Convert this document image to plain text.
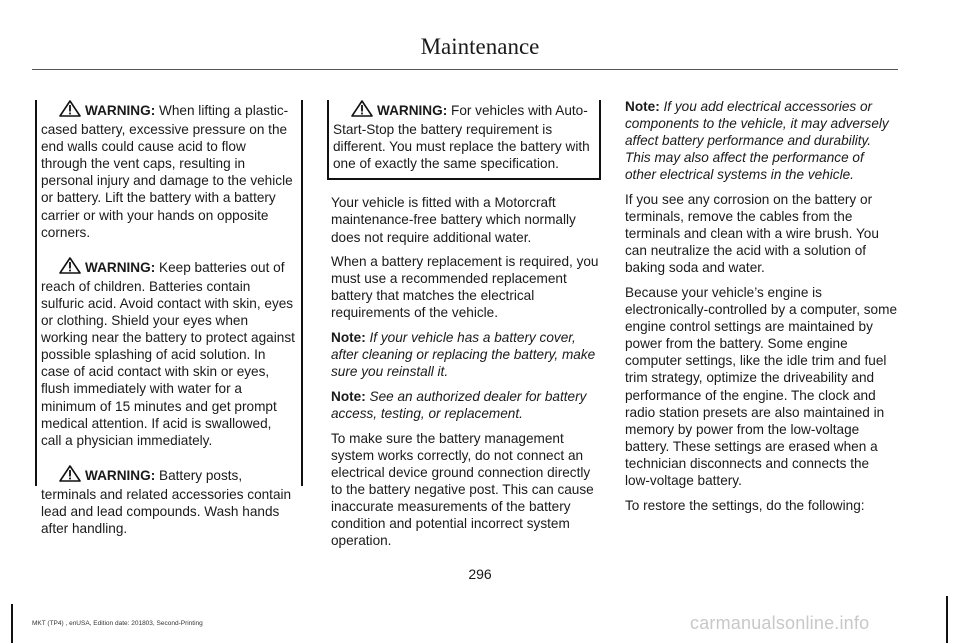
Maintenance
WARNING: When lifting a plastic-cased battery, excessive pressure on the end walls could cause acid to flow through the vent caps, resulting in personal injury and damage to the vehicle or battery. Lift the battery with a battery carrier or with your hands on opposite corners.
WARNING: Keep batteries out of reach of children. Batteries contain sulfuric acid. Avoid contact with skin, eyes or clothing. Shield your eyes when working near the battery to protect against possible splashing of acid solution. In case of acid contact with skin or eyes, flush immediately with water for a minimum of 15 minutes and get prompt medical attention. If acid is swallowed, call a physician immediately.
WARNING: Battery posts, terminals and related accessories contain lead and lead compounds. Wash hands after handling.
WARNING: For vehicles with Auto-Start-Stop the battery requirement is different. You must replace the battery with one of exactly the same specification.

Your vehicle is fitted with a Motorcraft maintenance-free battery which normally does not require additional water.

When a battery replacement is required, you must use a recommended replacement battery that matches the electrical requirements of the vehicle.

Note: If your vehicle has a battery cover, after cleaning or replacing the battery, make sure you reinstall it.

Note: See an authorized dealer for battery access, testing, or replacement.

To make sure the battery management system works correctly, do not connect an electrical device ground connection directly to the battery negative post. This can cause inaccurate measurements of the battery condition and potential incorrect system operation.

Note: If you add electrical accessories or components to the vehicle, it may adversely affect battery performance and durability. This may also affect the performance of other electrical systems in the vehicle.

If you see any corrosion on the battery or terminals, remove the cables from the terminals and clean with a wire brush. You can neutralize the acid with a solution of baking soda and water.

Because your vehicle’s engine is electronically-controlled by a computer, some engine control settings are maintained by power from the battery. Some engine computer settings, like the idle trim and fuel trim strategy, optimize the driveability and performance of the engine. The clock and radio station presets are also maintained in memory by power from the low-voltage battery. These settings are erased when a technician disconnects and connects the low-voltage battery.

To restore the settings, do the following:

296
MKT (TP4) , enUSA, Edition date: 201803, Second-Printing	carmanualsonline.info
